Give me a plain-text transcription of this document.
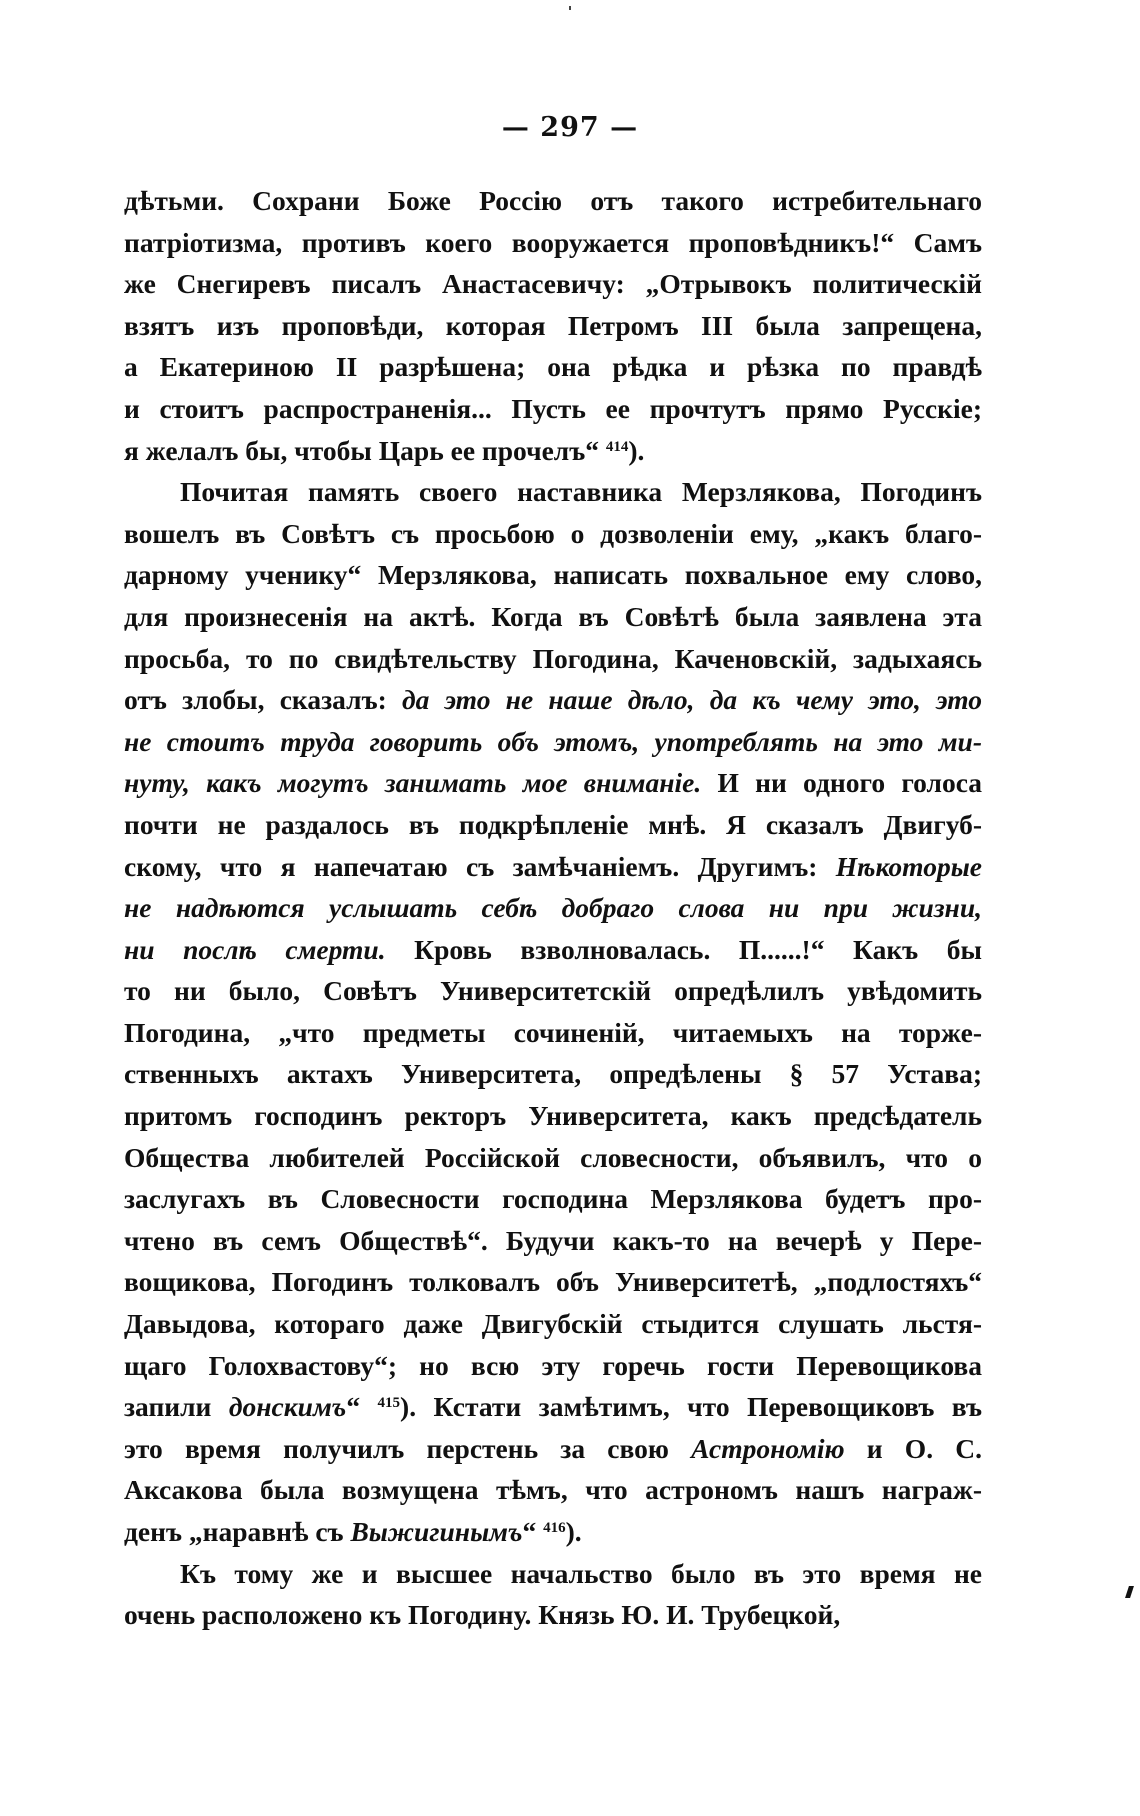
— 297 —
дѣтьми. Сохрани Боже Россію отъ такого истребительнаго
патріотизма, противъ коего вооружается проповѣдникъ!“ Самъ
же Снегиревъ писалъ Анастасевичу: „Отрывокъ политическій
взятъ изъ проповѣди, которая Петромъ III была запрещена,
а Екатериною II разрѣшена; она рѣдка и рѣзка по правдѣ
и стоитъ распространенія... Пусть ее прочтутъ прямо Русскіе;
я желалъ бы, чтобы Царь ее прочелъ“ $^{414}$).
Почитая память своего наставника Мерзлякова, Погодинъ
вошелъ въ Совѣтъ съ просьбою о дозволеніи ему, „какъ благо-
дарному ученику“ Мерзлякова, написать похвальное ему слово,
для произнесенія на актѣ. Когда въ Совѣтѣ была заявлена эта
просьба, то по свидѣтельству Погодина, Каченовскій, задыхаясь
отъ злобы, сказалъ: да это не наше дѣло, да къ чему это, это
не стоитъ труда говорить объ этомъ, употреблять на это ми-
нуту, какъ могутъ занимать мое вниманіе. И ни одного голоса
почти не раздалось въ подкрѣпленіе мнѣ. Я сказалъ Двигуб-
скому, что я напечатаю съ замѣчаніемъ. Другимъ: Нѣкоторые
не надѣются услышать себѣ добраго слова ни при жизни,
ни послѣ смерти. Кровь взволновалась. П......!“ Какъ бы
то ни было, Совѣтъ Университетскій опредѣлилъ увѣдомить
Погодина, „что предметы сочиненій, читаемыхъ на торже-
ственныхъ актахъ Университета, опредѣлены § 57 Устава;
притомъ господинъ ректоръ Университета, какъ предсѣдатель
Общества любителей Россійской словесности, объявилъ, что о
заслугахъ въ Словесности господина Мерзлякова будетъ про-
чтено въ семъ Обществѣ“. Будучи какъ-то на вечерѣ у Пере-
вощикова, Погодинъ толковалъ объ Университетѣ, „подлостяхъ“
Давыдова, котораго даже Двигубскій стыдится слушать льстя-
щаго Голохвастову“; но всю эту горечь гости Перевощикова
запили донскимъ“ $^{415}$). Кстати замѣтимъ, что Перевощиковъ въ
это время получилъ перстень за свою Астрономію и О. С.
Аксакова была возмущена тѣмъ, что астрономъ нашъ награж-
денъ „наравнѣ съ Выжигинымъ“ $^{416}$).
Къ тому же и высшее начальство было въ это время не
очень расположено къ Погодину. Князь Ю. И. Трубецкой,
